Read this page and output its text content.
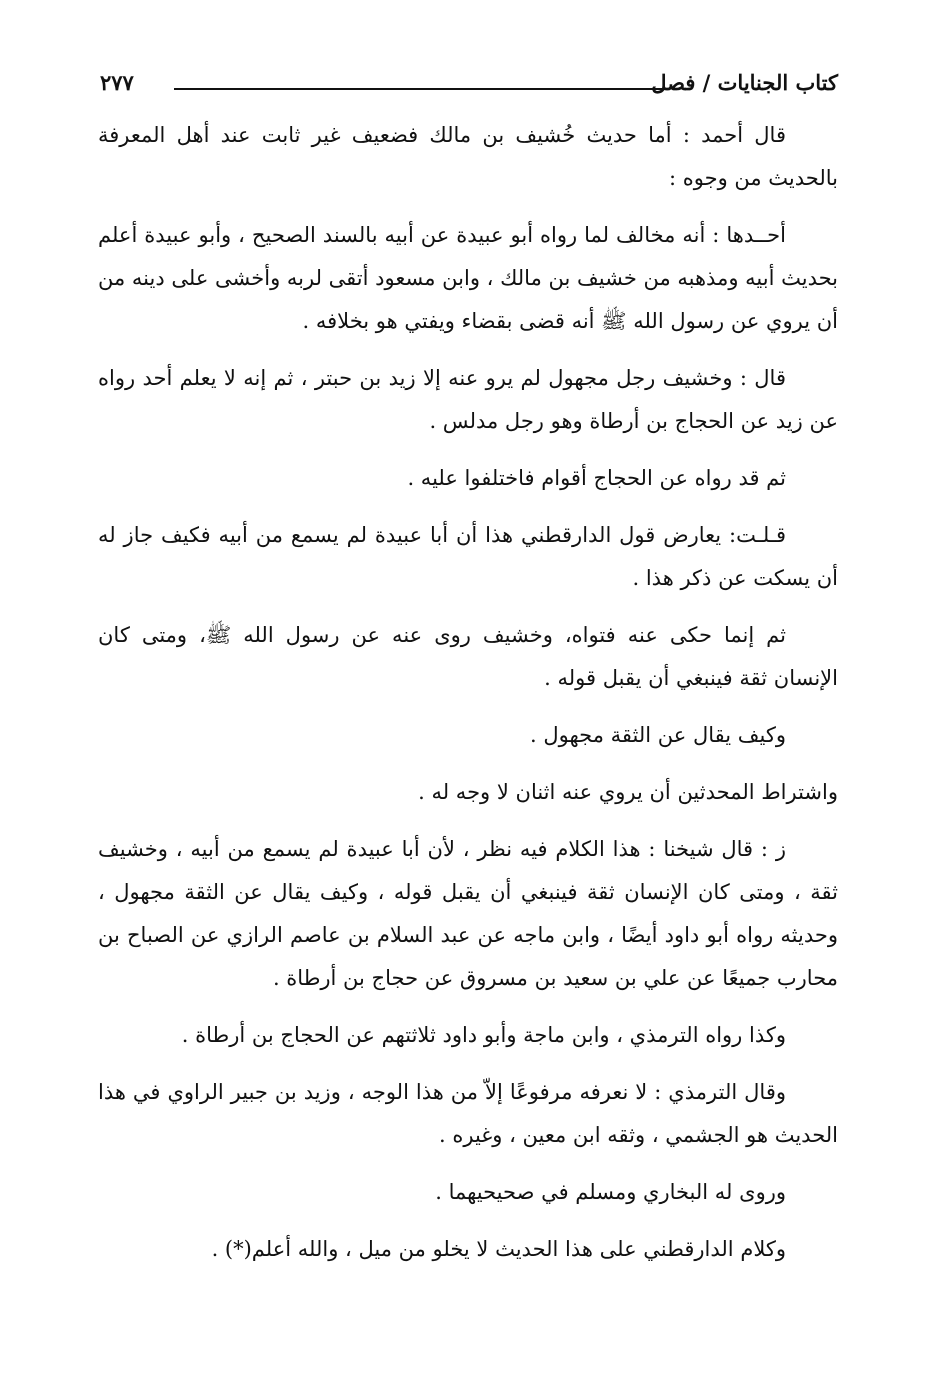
كتاب الجنايات / فصل
٢٧٧

قال أحمد : أما حديث خُشيف بن مالك فضعيف غير ثابت عند أهل المعرفة بالحديث من وجوه :

أحــدها : أنه مخالف لما رواه أبو عبيدة عن أبيه بالسند الصحيح ، وأبو عبيدة أعلم بحديث أبيه ومذهبه من خشيف بن مالك ، وابن مسعود أتقى لربه وأخشى على دينه من أن يروي عن رسول الله ﷺ أنه قضى بقضاء ويفتي هو بخلافه .

قال : وخشيف رجل مجهول لم يرو عنه إلا زيد بن حبتر ، ثم إنه لا يعلم أحد رواه عن زيد عن الحجاج بن أرطاة وهو رجل مدلس .

ثم قد رواه عن الحجاج أقوام فاختلفوا عليه .

قـلـت: يعارض قول الدارقطني هذا أن أبا عبيدة لم يسمع من أبيه فكيف جاز له أن يسكت عن ذكر هذا .

ثم إنما حكى عنه فتواه، وخشيف روى عنه عن رسول الله ﷺ، ومتى كان الإنسان ثقة فينبغي أن يقبل قوله .

وكيف يقال عن الثقة مجهول .

واشتراط المحدثين أن يروي عنه اثنان لا وجه له .

ز : قال شيخنا : هذا الكلام فيه نظر ، لأن أبا عبيدة لم يسمع من أبيه ، وخشيف ثقة ، ومتى كان الإنسان ثقة فينبغي أن يقبل قوله ، وكيف يقال عن الثقة مجهول ، وحديثه رواه أبو داود أيضًا ، وابن ماجه عن عبد السلام بن عاصم الرازي عن الصباح بن محارب جميعًا عن علي بن سعيد بن مسروق عن حجاج بن أرطاة .

وكذا رواه الترمذي ، وابن ماجة وأبو داود ثلاثتهم عن الحجاج بن أرطاة .

وقال الترمذي : لا نعرفه مرفوعًا إلاّ من هذا الوجه ، وزيد بن جبير الراوي في هذا الحديث هو الجشمي ، وثقه ابن معين ، وغيره .

وروى له البخاري ومسلم في صحيحيهما .

وكلام الدارقطني على هذا الحديث لا يخلو من ميل ، والله أعلم(*) .
